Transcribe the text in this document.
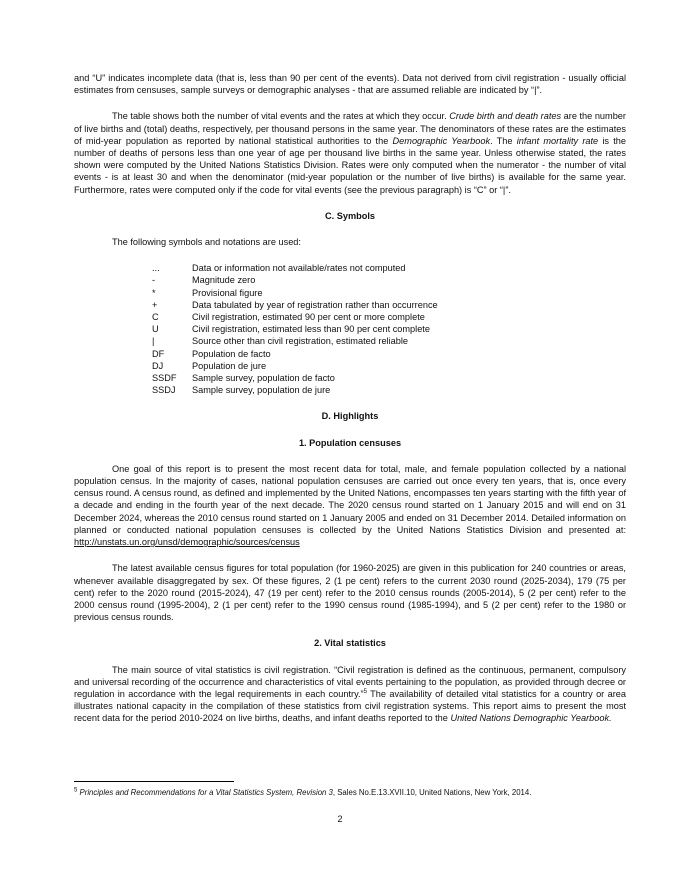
and “U” indicates incomplete data (that is, less than 90 per cent of the events). Data not derived from civil registration - usually official estimates from censuses, sample surveys or demographic analyses - that are assumed reliable are indicated by “|”.

The table shows both the number of vital events and the rates at which they occur. Crude birth and death rates are the number of live births and (total) deaths, respectively, per thousand persons in the same year. The denominators of these rates are the estimates of mid-year population as reported by national statistical authorities to the Demographic Yearbook. The infant mortality rate is the number of deaths of persons less than one year of age per thousand live births in the same year. Unless otherwise stated, the rates shown were computed by the United Nations Statistics Division. Rates were only computed when the numerator - the number of vital events - is at least 30 and when the denominator (mid-year population or the number of live births) is available for the same year. Furthermore, rates were computed only if the code for vital events (see the previous paragraph) is “C” or “|”.

C. Symbols

The following symbols and notations are used:

...	Data or information not available/rates not computed
-	Magnitude zero
*	Provisional figure
+	Data tabulated by year of registration rather than occurrence
C	Civil registration, estimated 90 per cent or more complete
U	Civil registration, estimated less than 90 per cent complete
|	Source other than civil registration, estimated reliable
DF	Population de facto
DJ	Population de jure
SSDF	Sample survey, population de facto
SSDJ	Sample survey, population de jure
D. Highlights
1. Population censuses

One goal of this report is to present the most recent data for total, male, and female population collected by a national population census. In the majority of cases, national population censuses are carried out once every ten years, that is, once every census round. A census round, as defined and implemented by the United Nations, encompasses ten years starting with the fifth year of a decade and ending in the fourth year of the next decade. The 2020 census round started on 1 January 2015 and will end on 31 December 2024, whereas the 2010 census round started on 1 January 2005 and ended on 31 December 2014. Detailed information on planned or conducted national population censuses is collected by the United Nations Statistics Division and presented at: http://unstats.un.org/unsd/demographic/sources/census

The latest available census figures for total population (for 1960-2025) are given in this publication for 240 countries or areas, whenever available disaggregated by sex. Of these figures, 2 (1 pe cent) refers to the current 2030 round (2025-2034), 179 (75 per cent) refer to the 2020 round (2015-2024), 47 (19 per cent) refer to the 2010 census rounds (2005-2014), 5 (2 per cent) refer to the 2000 census round (1995-2004), 2 (1 per cent) refer to the 1990 census round (1985-1994), and 5 (2 per cent) refer to the 1980 or previous census rounds.

2. Vital statistics

The main source of vital statistics is civil registration. “Civil registration is defined as the continuous, permanent, compulsory and universal recording of the occurrence and characteristics of vital events pertaining to the population, as provided through decree or regulation in accordance with the legal requirements in each country.”$^5$ The availability of detailed vital statistics for a country or area illustrates national capacity in the compilation of these statistics from civil registration systems. This report aims to present the most recent data for the period 2010-2024 on live births, deaths, and infant deaths reported to the United Nations Demographic Yearbook.

$^5$ Principles and Recommendations for a Vital Statistics System, Revision 3, Sales No.E.13.XVII.10, United Nations, New York, 2014.
2
